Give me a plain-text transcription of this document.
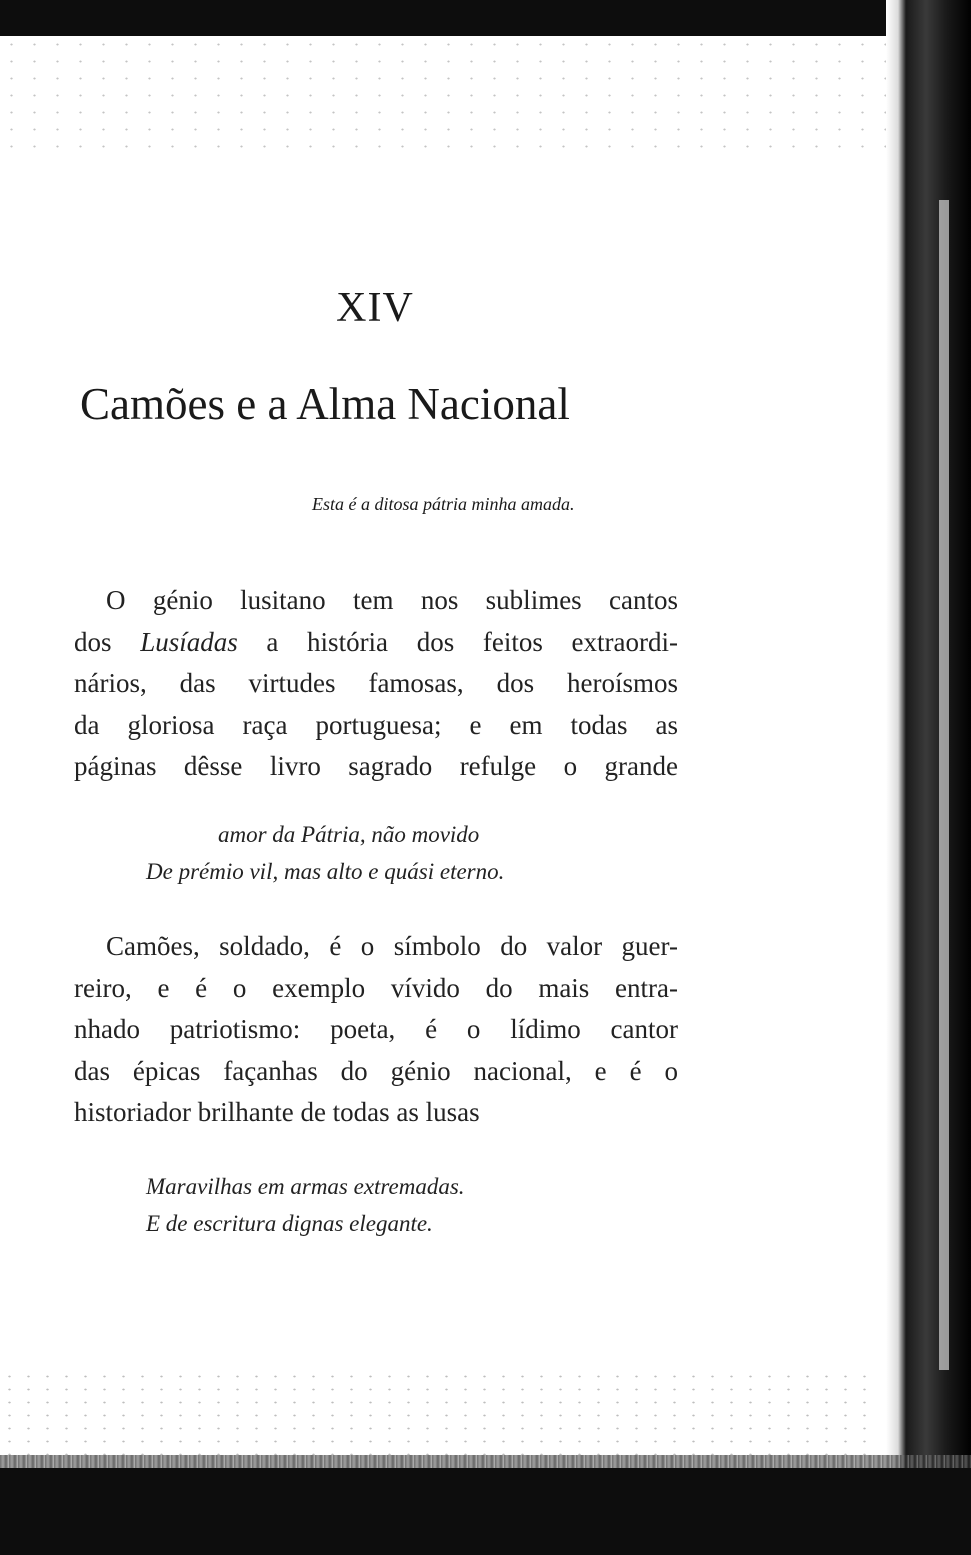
XIV
Camões e a Alma Nacional
Esta é a ditosa pátria minha amada.
O génio lusitano tem nos sublimes cantos
dos Lusíadas a história dos feitos extraordi-
nários, das virtudes famosas, dos heroísmos
da gloriosa raça portuguesa; e em todas as
páginas dêsse livro sagrado refulge o grande
amor da Pátria, não movido
De prémio vil, mas alto e quási eterno.
Camões, soldado, é o símbolo do valor guer-
reiro, e é o exemplo vívido do mais entra-
nhado patriotismo: poeta, é o lídimo cantor
das épicas façanhas do génio nacional, e é o
historiador brilhante de todas as lusas
Maravilhas em armas extremadas.
E de escritura dignas elegante.
